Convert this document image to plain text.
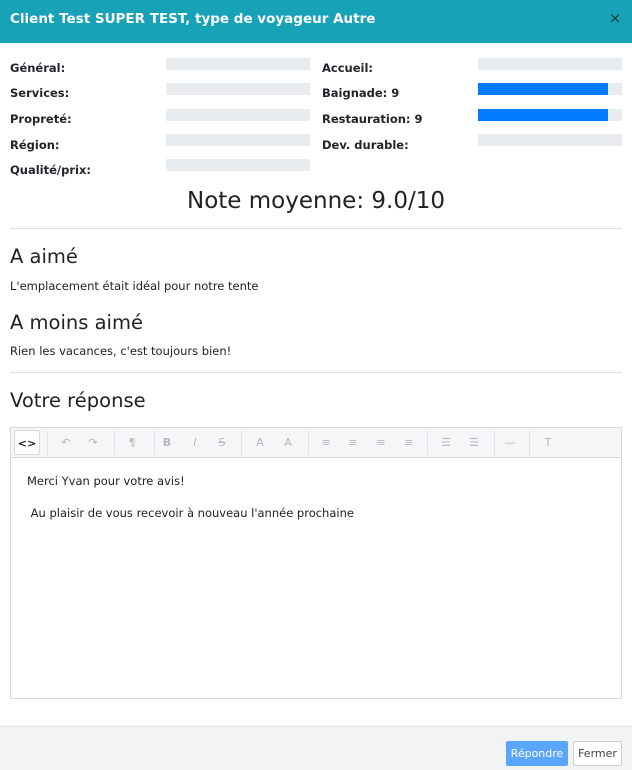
Client Test SUPER TEST, type de voyageur Autre	×
Général:
Services:
Propreté:
Région:
Qualité/prix:
Accueil:
Baignade: 9
Restauration: 9
Dev. durable:
Note moyenne: 9.0/10
A aimé
L'emplacement était idéal pour notre tente
A moins aimé
Rien les vacances, c'est toujours bien!
Votre réponse
<>	↶	↷	¶	B	I	S	A	A	≡	≡	≡	≡	☰	☰	—	T

Merci Yvan pour votre avis!

Au plaisir de vous recevoir à nouveau l'année prochaine

Répondre	Fermer
